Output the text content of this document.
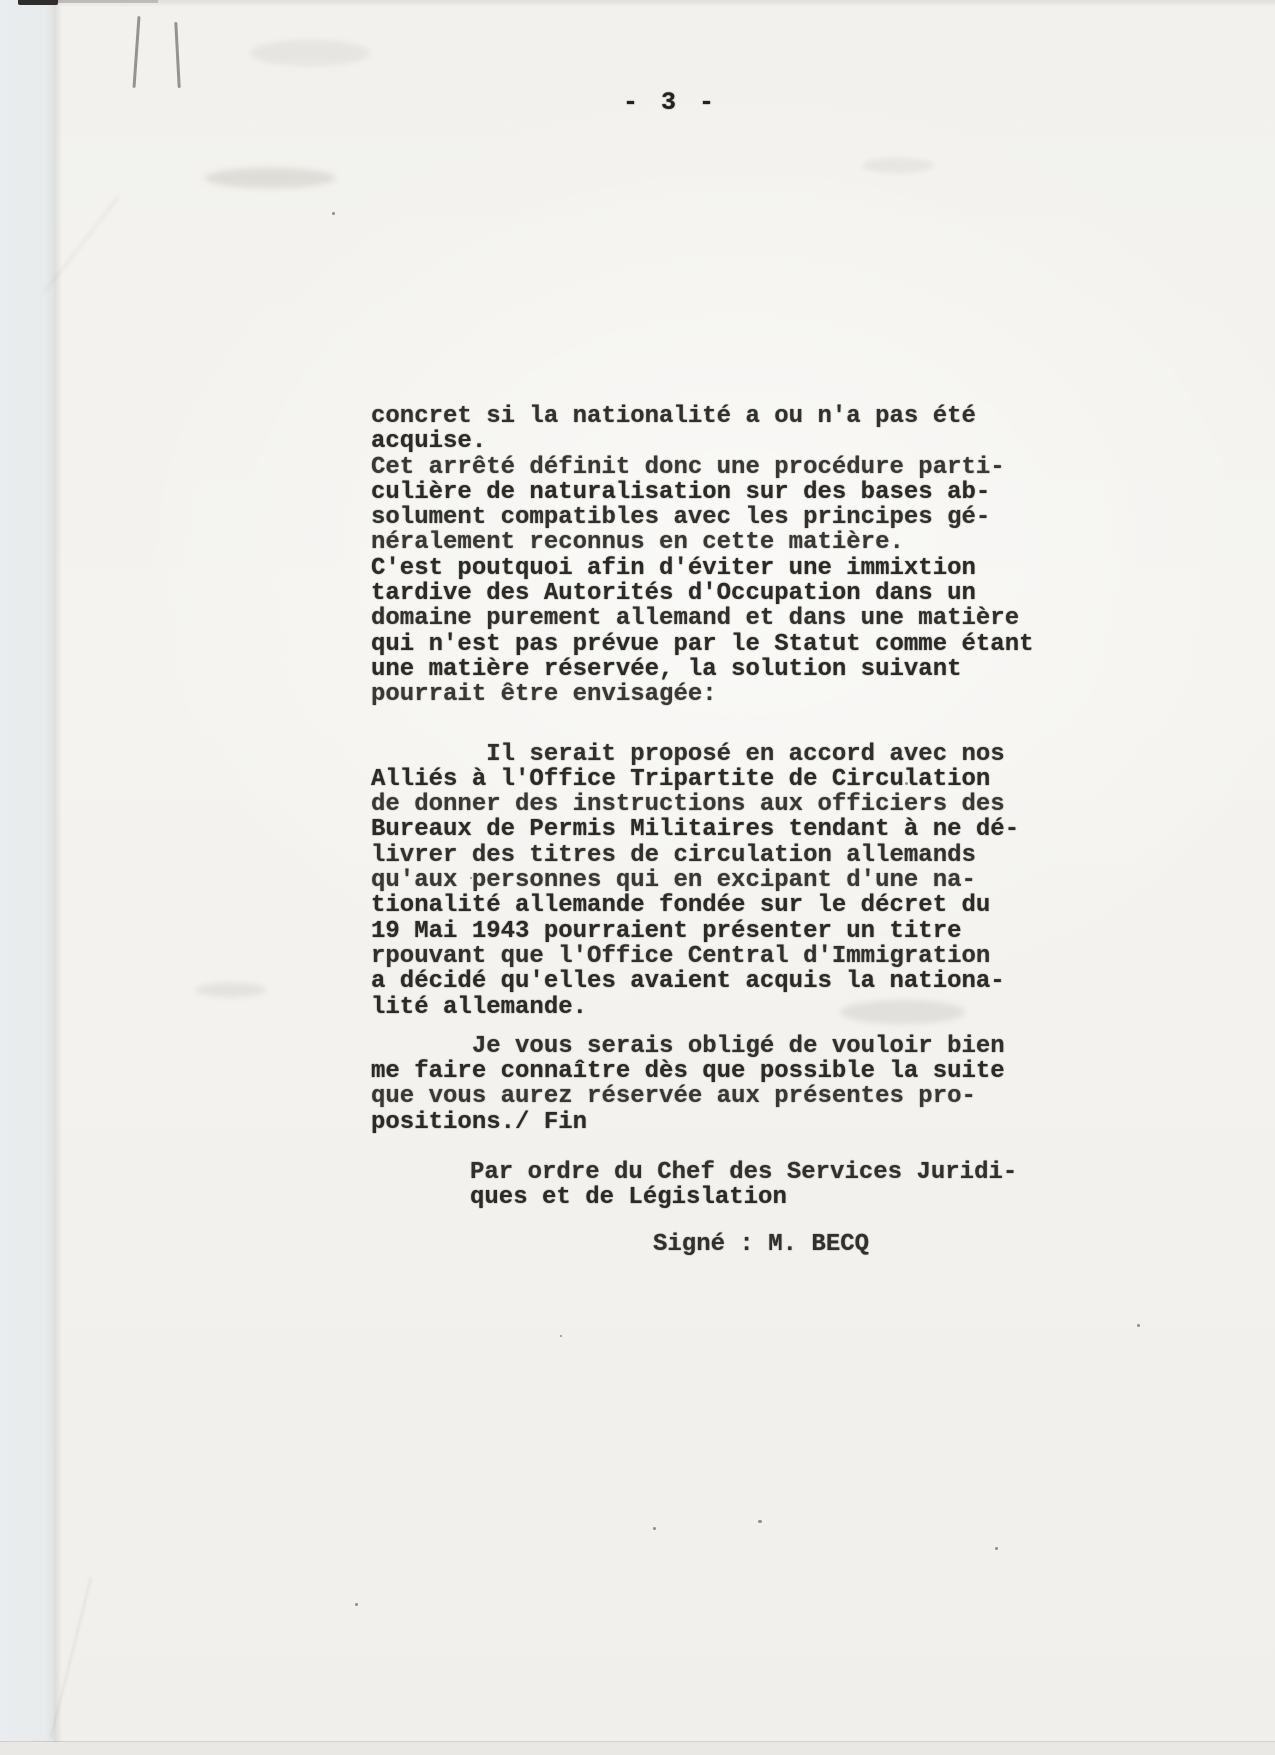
- 3 -
concret si la nationalité a ou n'a pas été
acquise.
Cet arrêté définit donc une procédure parti-
culière de naturalisation sur des bases ab-
solument compatibles avec les principes gé-
néralement reconnus en cette matière.
C'est poutquoi afin d'éviter une immixtion
tardive des Autorités d'Occupation dans un
domaine purement allemand et dans une matière
qui n'est pas prévue par le Statut comme étant
une matière réservée, la solution suivant
pourrait être envisagée:
Il serait proposé en accord avec nos
Alliés à l'Office Tripartite de Circulation
de donner des instructions aux officiers des
Bureaux de Permis Militaires tendant à ne dé-
livrer des titres de circulation allemands
qu'aux personnes qui en excipant d'une na-
tionalité allemande fondée sur le décret du
19 Mai 1943 pourraient présenter un titre
rpouvant que l'Office Central d'Immigration
a décidé qu'elles avaient acquis la nationa-
lité allemande.
Je vous serais obligé de vouloir bien
me faire connaître dès que possible la suite
que vous aurez réservée aux présentes pro-
positions./ Fin
Par ordre du Chef des Services Juridi-
ques et de Législation
Signé : M. BECQ
